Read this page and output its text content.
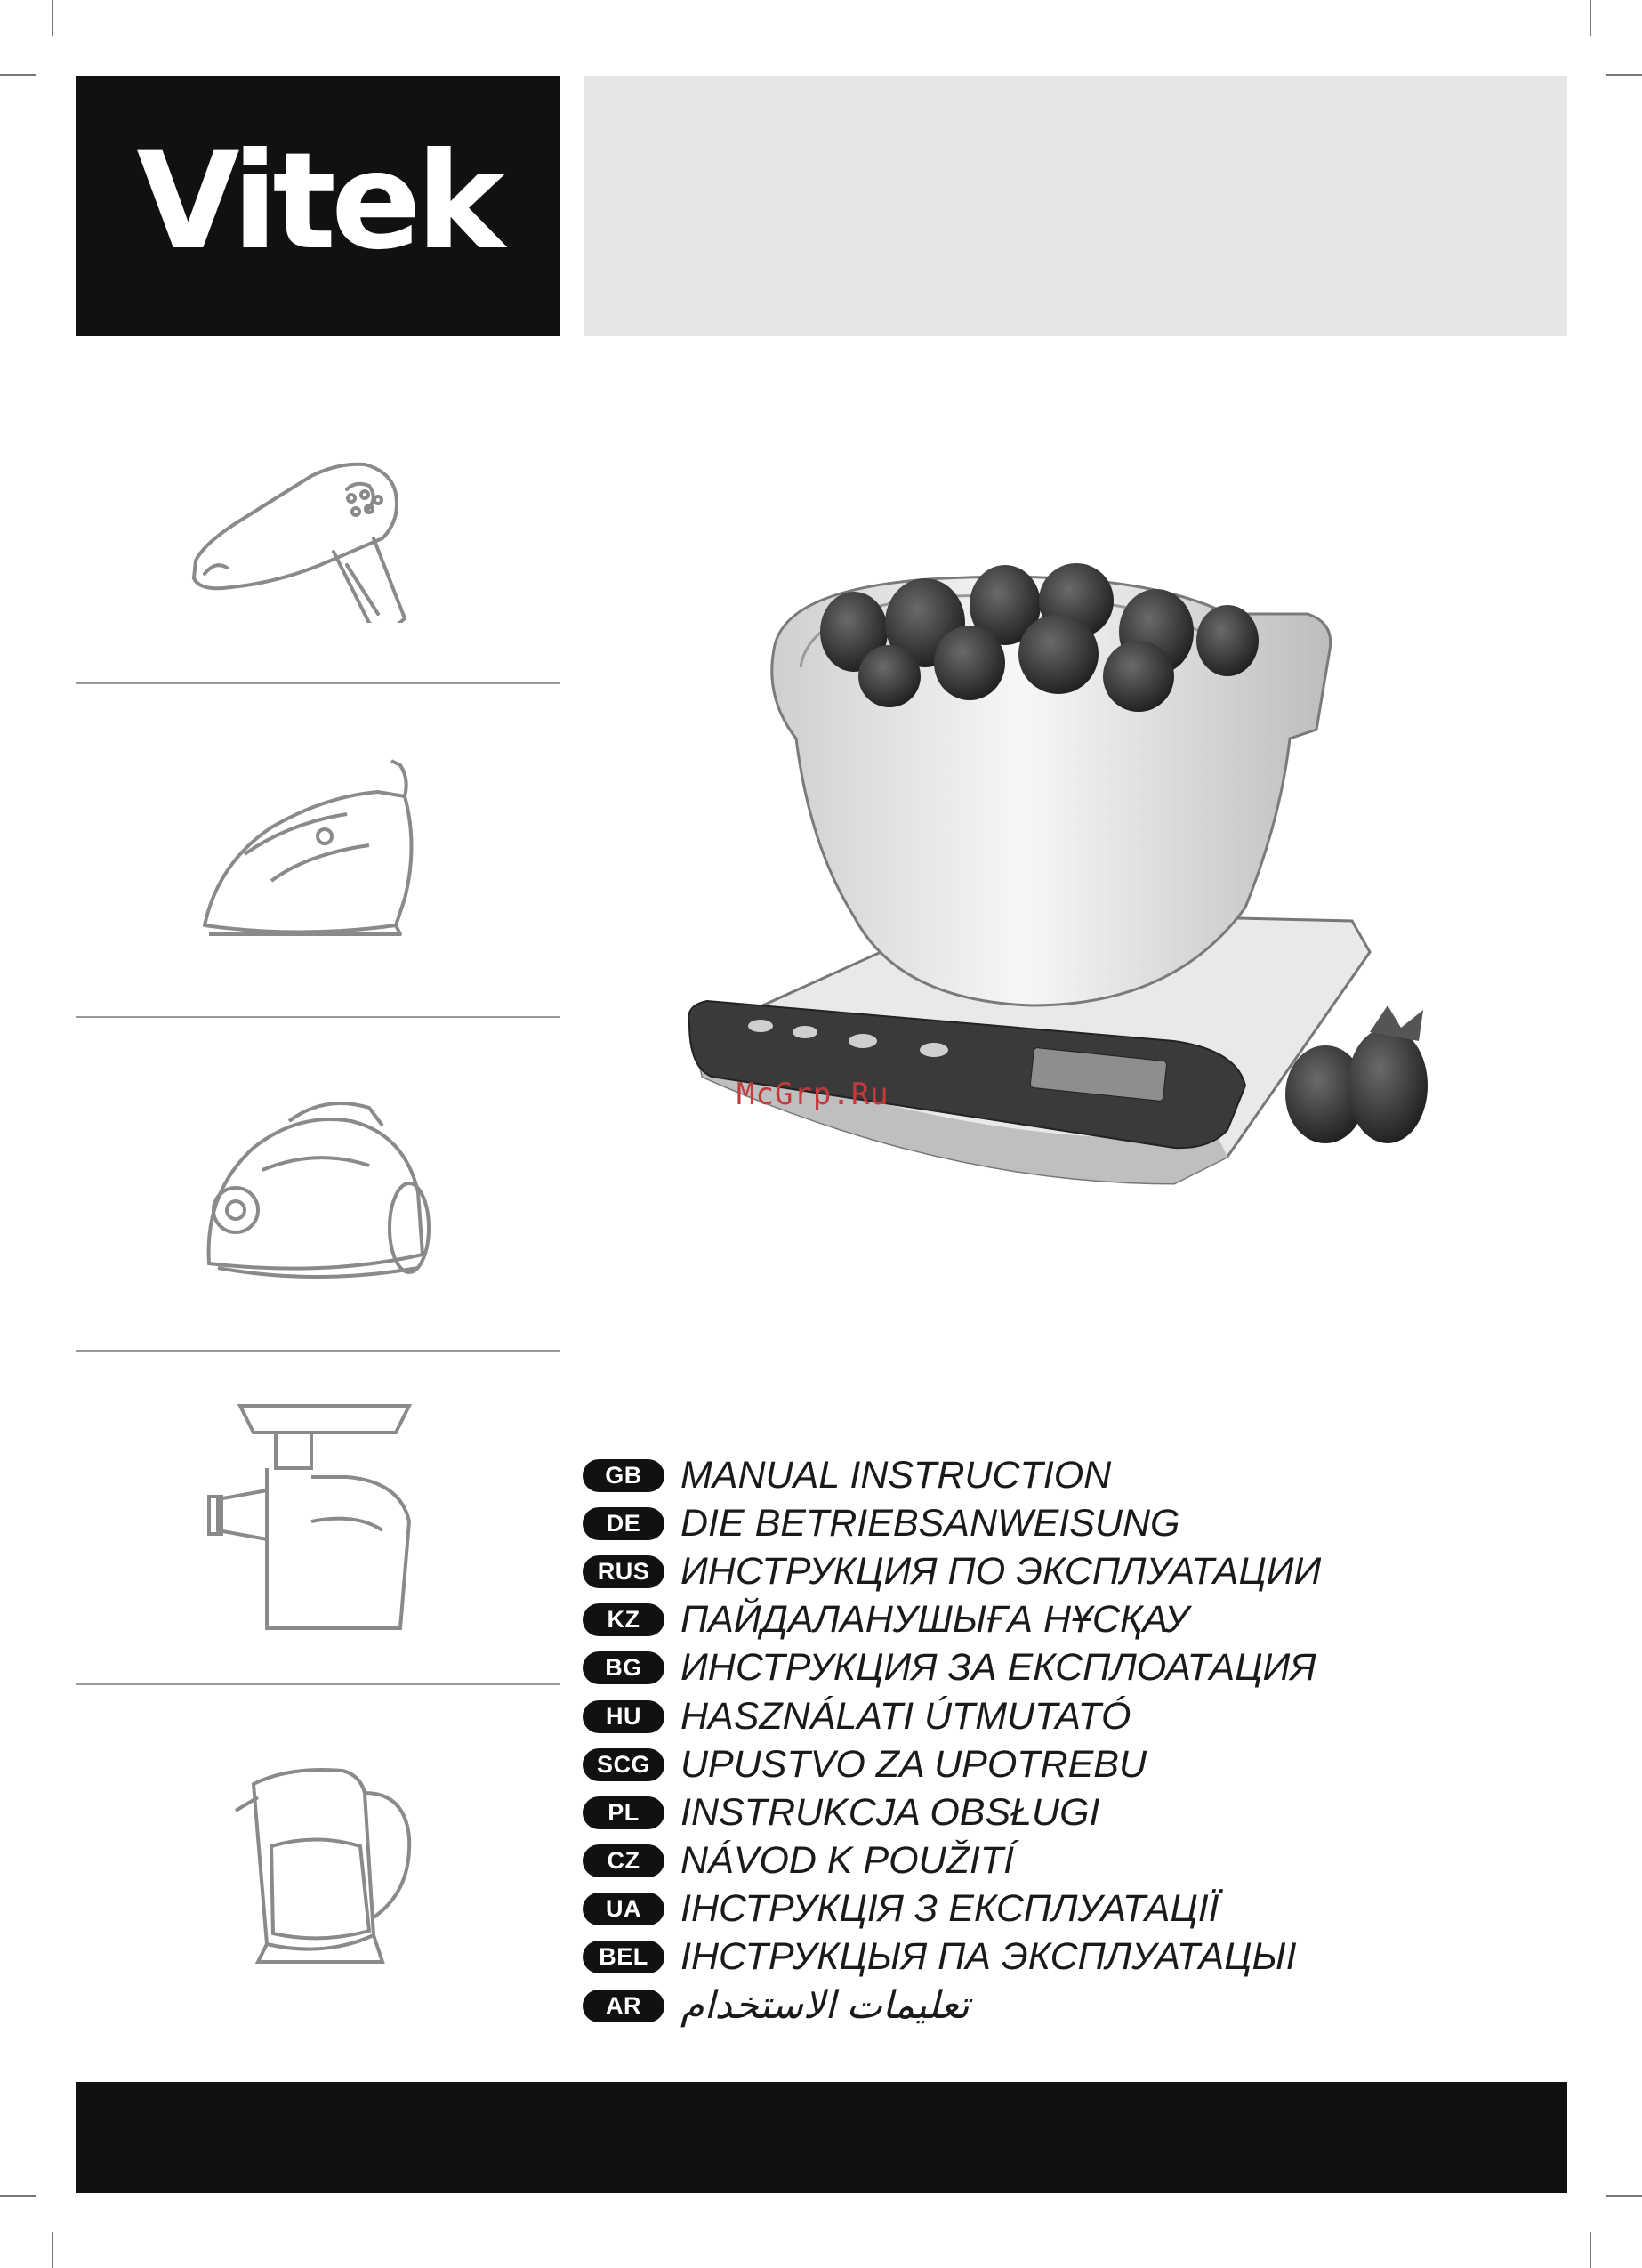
Vitek
McGrp.Ru
GB	MANUAL INSTRUCTION
DE	DIE BETRIEBSANWEISUNG
RUS ИНСТРУКЦИЯ ПО ЭКСПЛУАТАЦИИ
KZ	ПАЙДАЛАНУШЫҒА НҰСҚАУ
BG	ИНСТРУКЦИЯ ЗА ЕКСПЛОАТАЦИЯ
HU	HASZNÁLATI ÚTMUTATÓ
SCG UPUSTVO ZA UPOTREBU
PL	INSTRUKCJA OBSŁUGI
CZ	NÁVOD K POUŽITÍ
UA	ІНСТРУКЦІЯ З ЕКСПЛУАТАЦІЇ
BEL ІНСТРУКЦЫЯ ПА ЭКСПЛУАТАЦЫІ
AR	تعليمات الاستخدام
